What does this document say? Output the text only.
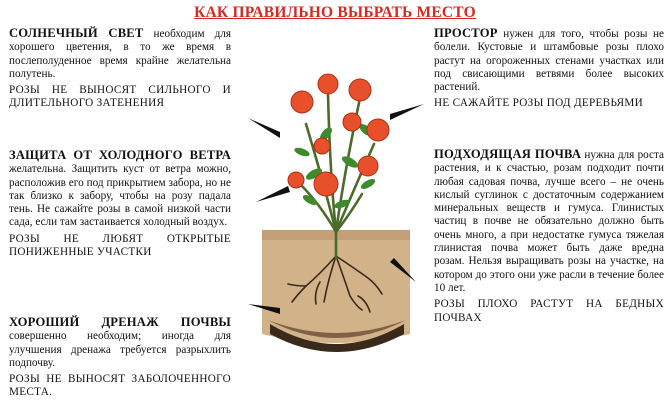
КАК ПРАВИЛЬНО ВЫБРАТЬ МЕСТО

СОЛНЕЧНЫЙ СВЕТ необходим для хорошего цветения, в то же время в послеполуденное время крайне желательна полутень.

РОЗЫ НЕ ВЫНОСЯТ СИЛЬНОГО И ДЛИТЕЛЬНОГО ЗАТЕНЕНИЯ

ЗАЩИТА ОТ ХОЛОДНОГО ВЕТРА желательна. Защитить куст от ветра можно, расположив его под прикрытием забора, но не так близко к забору, чтобы на розу падала тень. Не сажайте розы в самой низкой части сада, если там застаивается холодный воздух.

РОЗЫ НЕ ЛЮБЯТ ОТКРЫТЫЕ ПОНИЖЕННЫЕ УЧАСТКИ

ХОРОШИЙ ДРЕНАЖ ПОЧВЫ совершенно необходим; иногда для улучшения дренажа требуется разрыхлить подпочву.

РОЗЫ НЕ ВЫНОСЯТ ЗАБОЛОЧЕННОГО МЕСТА.

ПРОСТОР нужен для того, чтобы розы не болели. Кустовые и штамбовые розы плохо растут на огороженных стенами участках или под свисающими ветвями более высоких растений.

НЕ САЖАЙТЕ РОЗЫ ПОД ДЕРЕВЬЯМИ

ПОДХОДЯЩАЯ ПОЧВА нужна для роста растения, и к счастью, розам подходит почти любая садовая почва, лучше всего – не очень кислый суглинок с достаточным содержанием минеральных веществ и гумуса. Глинистых частиц в почве не обязательно должно быть очень много, а при недостатке гумуса тяжелая глинистая почва может быть даже вредна розам. Нельзя выращивать розы на участке, на котором до этого они уже расли в течение более 10 лет.

РОЗЫ ПЛОХО РАСТУТ НА БЕДНЫХ ПОЧВАХ
